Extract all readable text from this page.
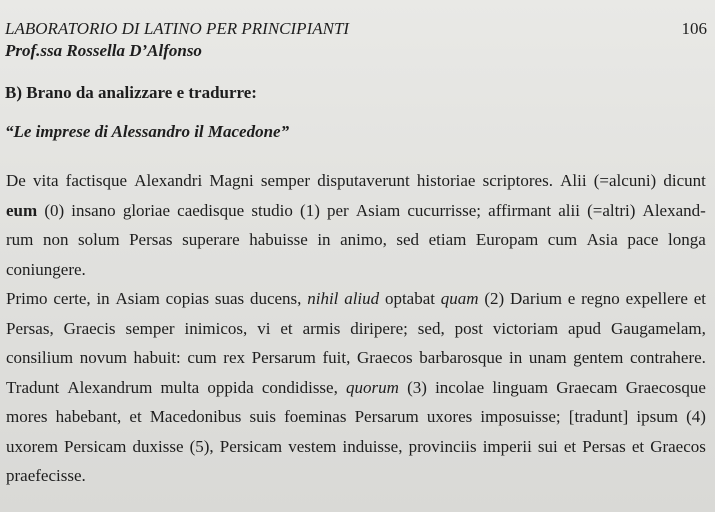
LABORATORIO DI LATINO PER PRINCIPIANTI
Prof.ssa Rossella D’Alfonso
106
B) Brano da analizzare e tradurre:
“Le imprese di Alessandro il Macedone”
De vita factisque Alexandri Magni semper disputaverunt historiae scriptores. Alii (=alcuni) dicunt
eum (0) insano gloriae caedisque studio (1) per Asiam cucurrisse; affirmant alii (=altri) Alexand-
rum non solum Persas superare habuisse in animo, sed etiam Europam cum Asia pace longa
coniungere.
Primo certe, in Asiam copias suas ducens, nihil aliud optabat quam (2) Darium e regno expellere et
Persas, Graecis semper inimicos, vi et armis diripere; sed, post victoriam apud Gaugamelam,
consilium novum habuit: cum rex Persarum fuit, Graecos barbarosque in unam gentem contrahere.
Tradunt Alexandrum multa oppida condidisse, quorum (3) incolae linguam Graecam Graecosque
mores habebant, et Macedonibus suis foeminas Persarum uxores imposuisse; [tradunt] ipsum (4)
uxorem Persicam duxisse (5), Persicam vestem induisse, provinciis imperii sui et Persas et Graecos
praefecisse.
